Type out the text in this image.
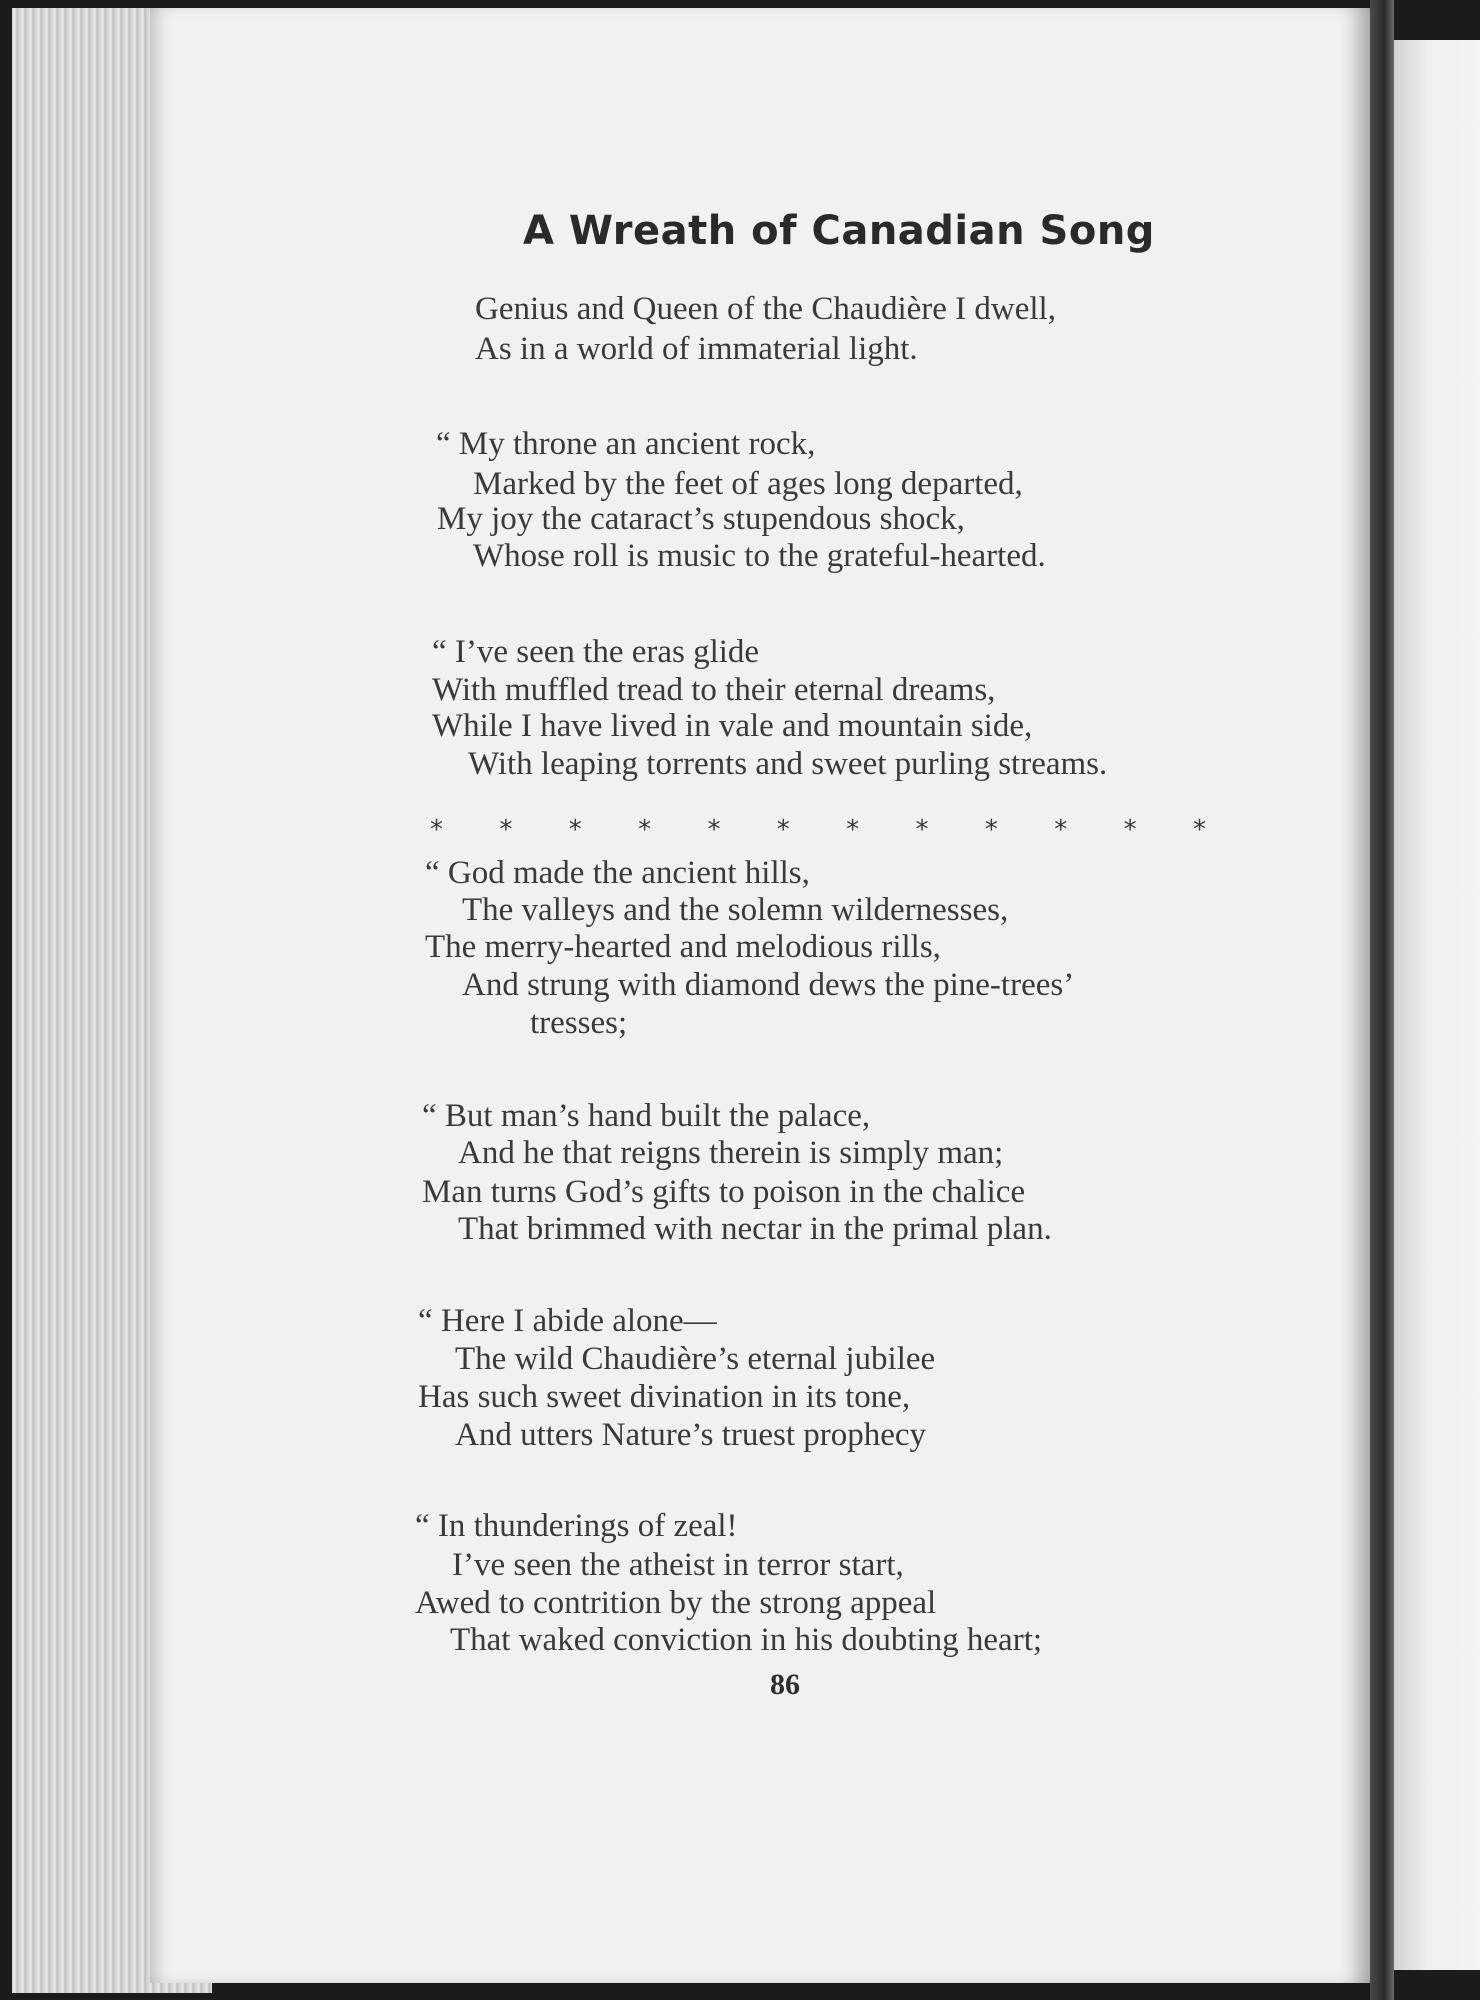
A Wreath of Canadian Song
Genius and Queen of the Chaudière I dwell,
As in a world of immaterial light.
“ My throne an ancient rock,
Marked by the feet of ages long departed,
My joy the cataract’s stupendous shock,
Whose roll is music to the grateful-hearted.
“ I’ve seen the eras glide
With muffled tread to their eternal dreams,
While I have lived in vale and mountain side,
With leaping torrents and sweet purling streams.
* * * * * * * * * * * *
“ God made the ancient hills,
The valleys and the solemn wildernesses,
The merry-hearted and melodious rills,
And strung with diamond dews the pine-trees’
tresses;
“ But man’s hand built the palace,
And he that reigns therein is simply man;
Man turns God’s gifts to poison in the chalice
That brimmed with nectar in the primal plan.
“ Here I abide alone—
The wild Chaudière’s eternal jubilee
Has such sweet divination in its tone,
And utters Nature’s truest prophecy
“ In thunderings of zeal!
I’ve seen the atheist in terror start,
Awed to contrition by the strong appeal
That waked conviction in his doubting heart;
86
